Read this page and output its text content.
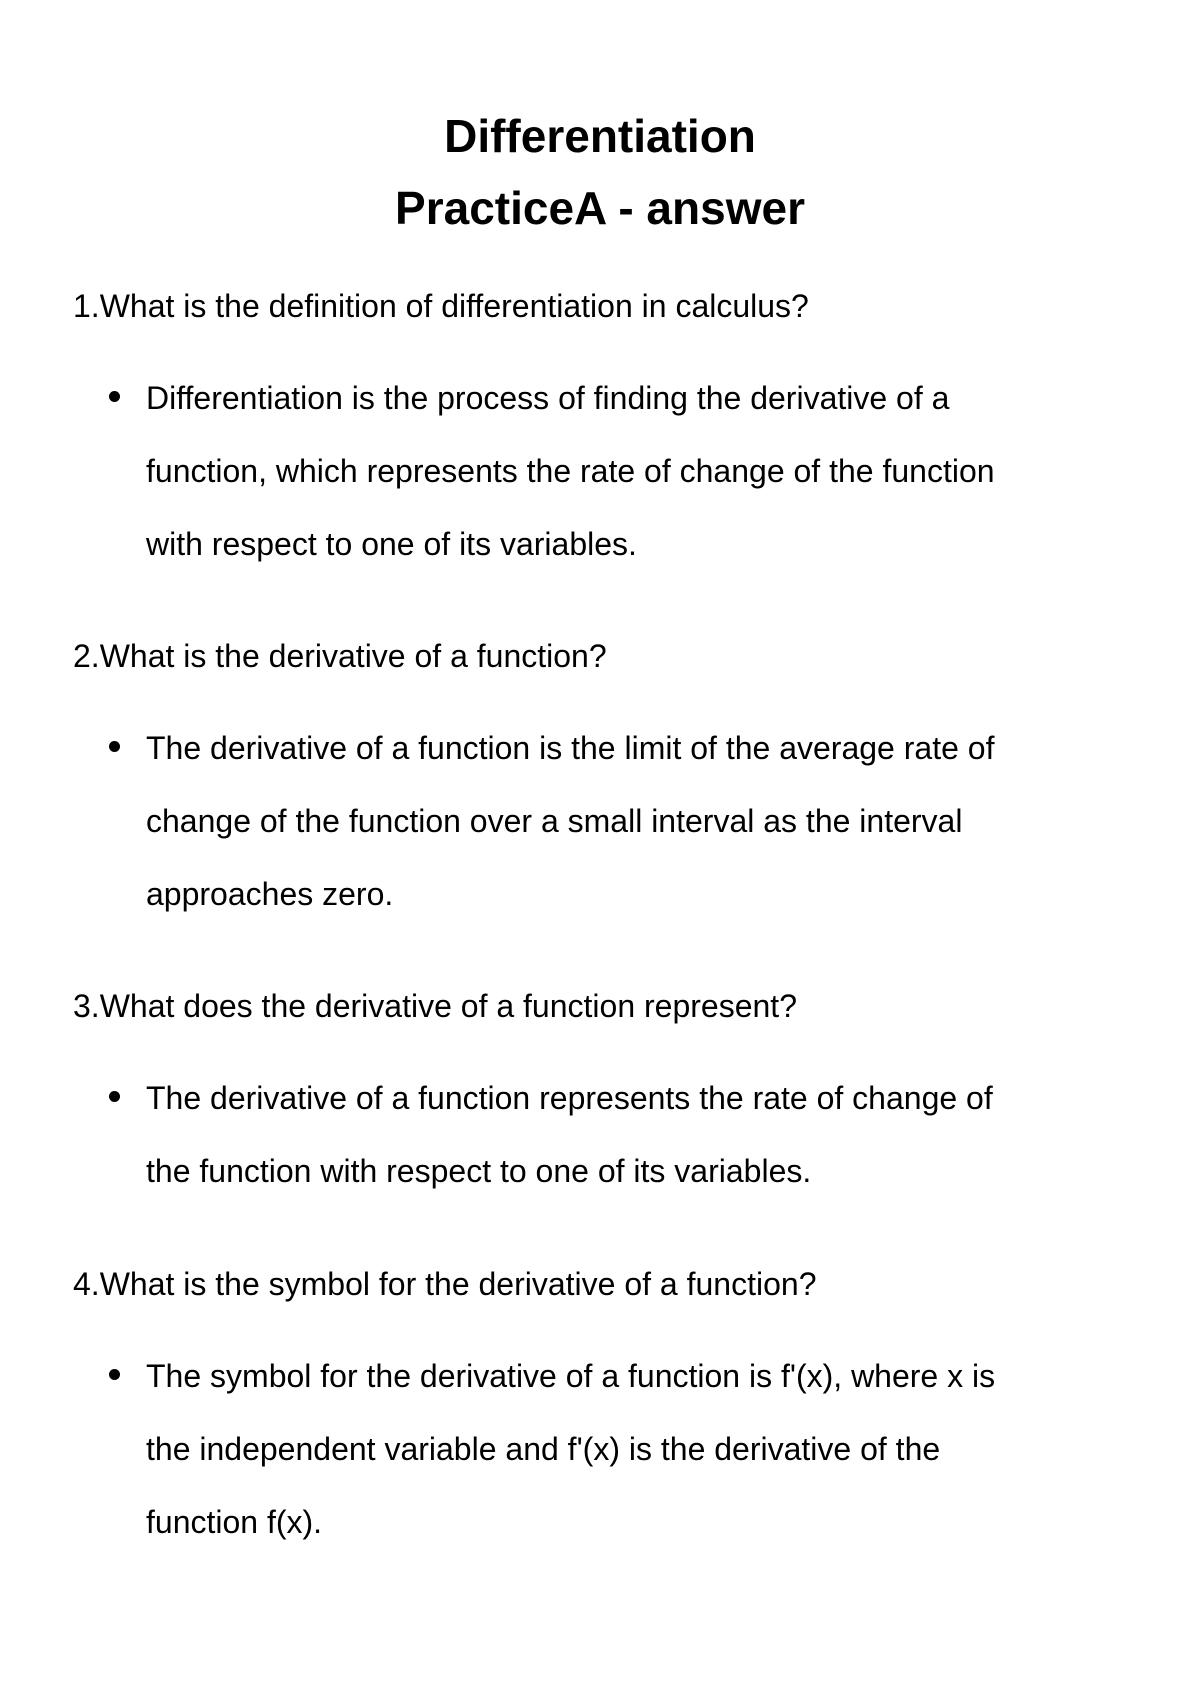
Differentiation

PracticeA - answer

1.What is the definition of differentiation in calculus?

Differentiation is the process of finding the derivative of a

function, which represents the rate of change of the function

with respect to one of its variables.

2.What is the derivative of a function?

The derivative of a function is the limit of the average rate of

change of the function over a small interval as the interval

approaches zero.

3.What does the derivative of a function represent?

The derivative of a function represents the rate of change of

the function with respect to one of its variables.

4.What is the symbol for the derivative of a function?

The symbol for the derivative of a function is f'(x), where x is

the independent variable and f'(x) is the derivative of the

function f(x).
